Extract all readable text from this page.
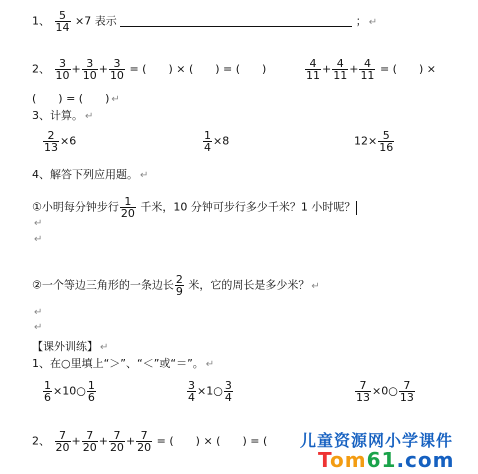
1、 $\frac{5}{14} \times 7$ 表示	； ↵
2、 $\frac{3}{10} + \frac{3}{10} + \frac{3}{10}$ = (　　) × (　　) = (　　)	$\frac{4}{11} + \frac{4}{11} + \frac{4}{11}$ = (　　) ×
(　　) = (　　) ↵
3、计算。 ↵
$\frac{2}{13} \times 6$	$\frac{1}{4} \times 8$	$12\times \frac{5}{16}$
4、解答下列应用题。 ↵
①小明每分钟步行 $\frac{1}{20}$ 千米，10 分钟可步行多少千米？1 小时呢？
↵
↵
②一个等边三角形的一条边长 $\frac{2}{9}$ 米，它的周长是多少米？ ↵
↵
↵
【课外训练】 ↵
1、在○里填上“＞”、“＜”或“＝”。 ↵
$\frac{1}{6}$ ×10○ $\frac{1}{6}$	$\frac{3}{4}$ ×1○ $\frac{3}{4}$	$\frac{7}{13}$ ×0○ $\frac{7}{13}$
2、 $\frac{7}{20} + \frac{7}{20} + \frac{7}{20} + \frac{7}{20}$ = (　　) × (　　) = ( 儿童资源网小学课件
Tom61.com
